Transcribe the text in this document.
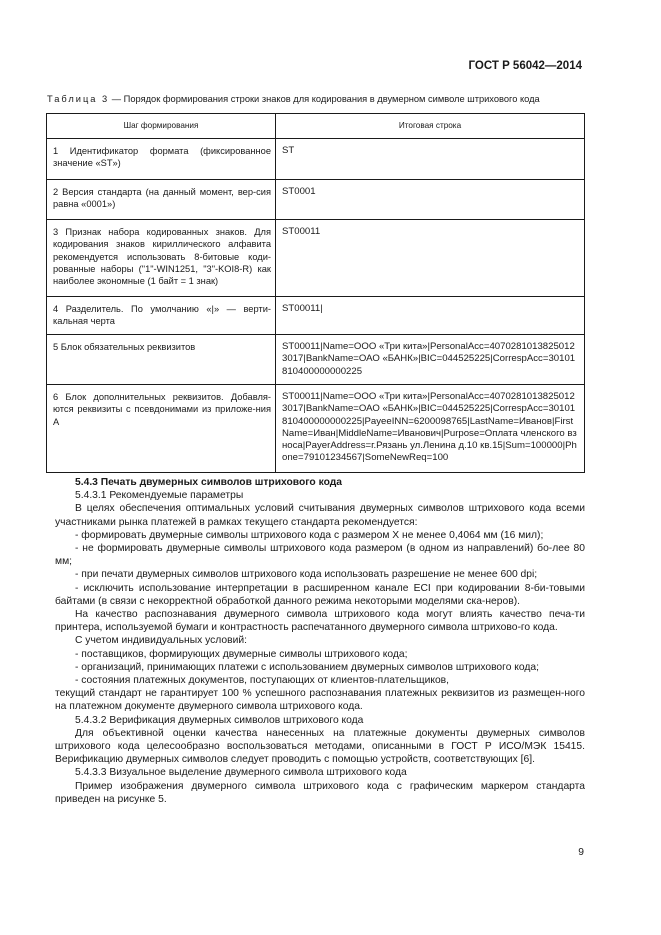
ГОСТ Р 56042—2014
Таблица 3 — Порядок формирования строки знаков для кодирования в двумерном символе штрихового кода
Шаг формирования	Итоговая строка
1 Идентификатор формата (фиксированное значение «ST»)	ST
2 Версия стандарта (на данный момент, вер-сия равна «0001»)	ST0001
3 Признак набора кодированных знаков. Для кодирования знаков кириллического алфавита рекомендуется использовать 8-битовые коди-рованные наборы ("1"-WIN1251, "3"-KOI8-R) как наиболее экономные (1 байт = 1 знак)	ST00011
4 Разделитель. По умолчанию «|» — верти-кальная черта	ST00011|
5 Блок обязательных реквизитов	ST00011|Name=ООО «Три кита»|PersonalAcc=40702810138250123017|BankName=ОАО «БАНК»|BIC=044525225|CorrespAcc=30101810400000000225
6 Блок дополнительных реквизитов. Добавля-ются реквизиты с псевдонимами из приложе-ния А	ST00011|Name=ООО «Три кита»|PersonalAcc=40702810138250123017|BankName=ОАО «БАНК»|BIC=044525225|CorrespAcc=30101810400000000225|PayeeINN=6200098765|LastName=Иванов|FirstName=Иван|MiddleName=Иванович|Purpose=Оплата членского взноса|PayerAddress=г.Рязань ул.Ленина д.10 кв.15|Sum=100000|Phone=79101234567|SomeNewReq=100

5.4.3 Печать двумерных символов штрихового кода

5.4.3.1 Рекомендуемые параметры

В целях обеспечения оптимальных условий считывания двумерных символов штрихового кода всеми участниками рынка платежей в рамках текущего стандарта рекомендуется:

- формировать двумерные символы штрихового кода с размером X не менее 0,4064 мм (16 мил);

- не формировать двумерные символы штрихового кода размером (в одном из направлений) бо-лее 80 мм;

- при печати двумерных символов штрихового кода использовать разрешение не менее 600 dpi;

- исключить использование интерпретации в расширенном канале ECI при кодировании 8-би-товыми байтами (в связи с некорректной обработкой данного режима некоторыми моделями ска-неров).

На качество распознавания двумерного символа штрихового кода могут влиять качество печа-ти принтера, используемой бумаги и контрастность распечатанного двумерного символа штрихово-го кода.

С учетом индивидуальных условий:

- поставщиков, формирующих двумерные символы штрихового кода;

- организаций, принимающих платежи с использованием двумерных символов штрихового кода;

- состояния платежных документов, поступающих от клиентов-плательщиков,

текущий стандарт не гарантирует 100 % успешного распознавания платежных реквизитов из размещен-ного на платежном документе двумерного символа штрихового кода.

5.4.3.2 Верификация двумерных символов штрихового кода

Для объективной оценки качества нанесенных на платежные документы двумерных символов штрихового кода целесообразно воспользоваться методами, описанными в ГОСТ Р ИСО/МЭК 15415. Верификацию двумерных символов следует проводить с помощью устройств, соответствующих [6].

5.4.3.3 Визуальное выделение двумерного символа штрихового кода

Пример изображения двумерного символа штрихового кода с графическим маркером стандарта приведен на рисунке 5.

9
